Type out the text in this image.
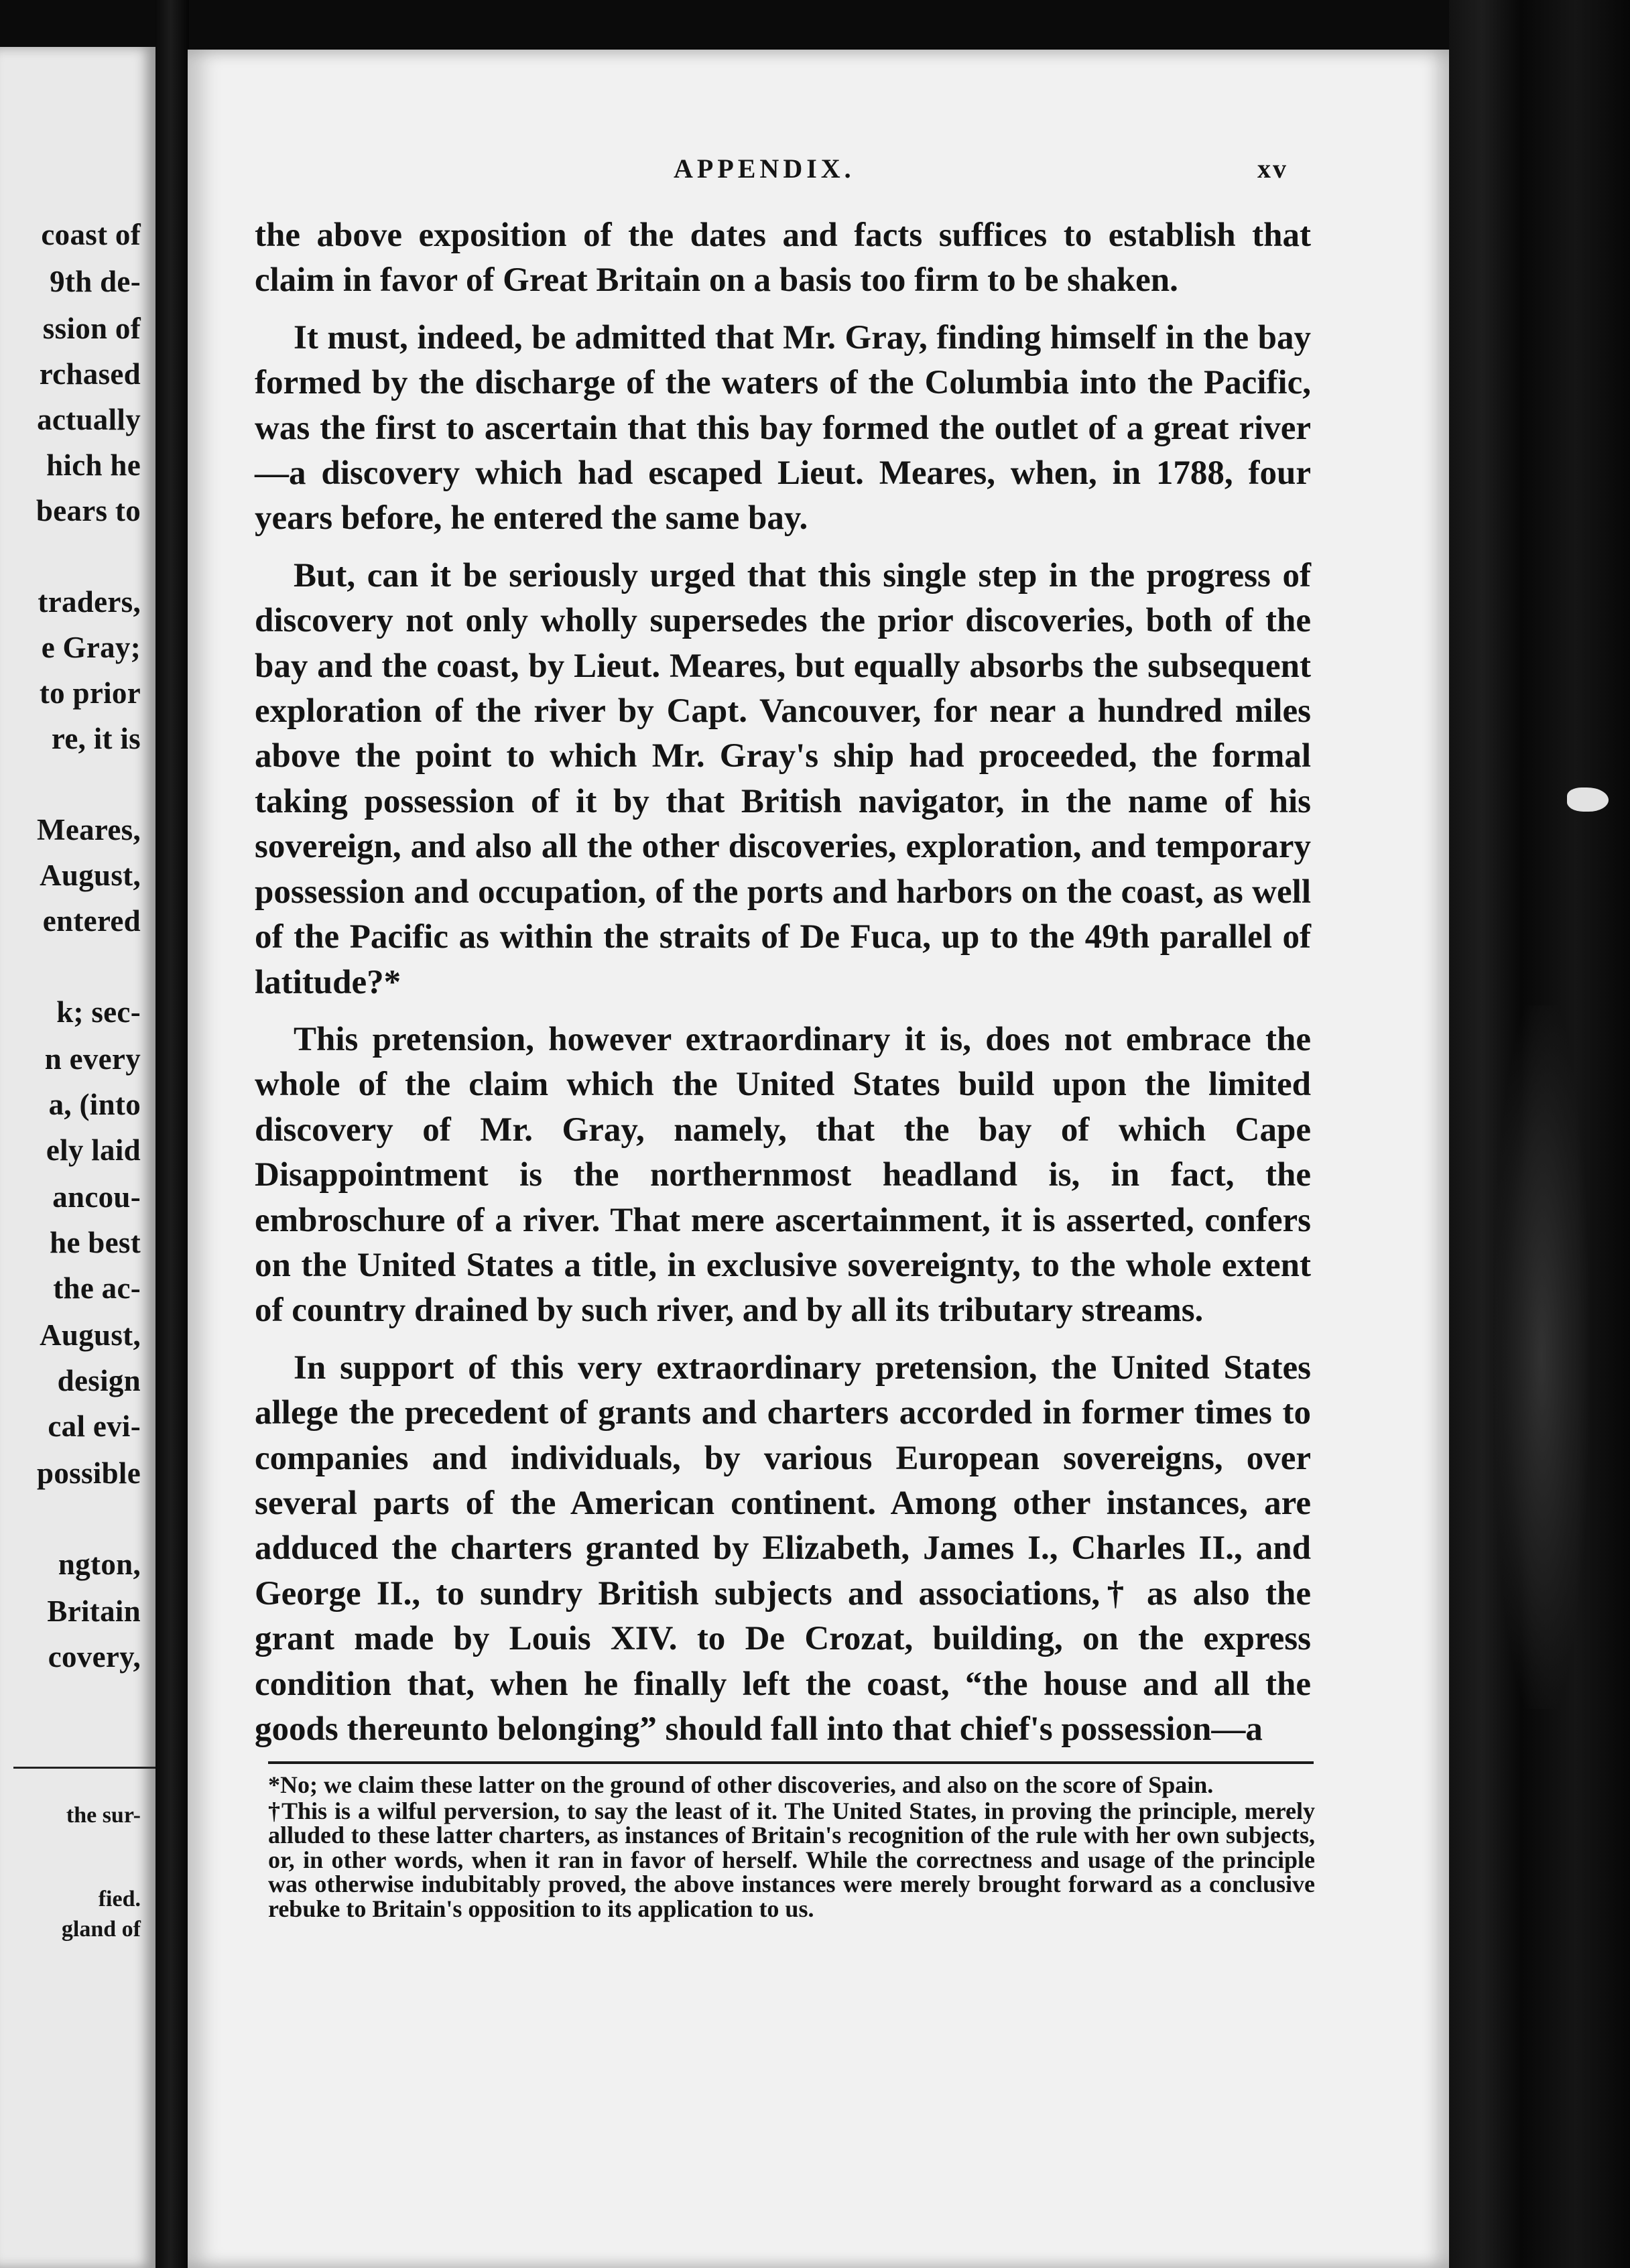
coast of
9th de-
ssion of
rchased
actually
hich he
bears to
traders,
e Gray;
to prior
re, it is
Meares,
August,
entered
k; sec-
n every
a, (into
ely laid
ancou-
he best
the ac-
August,
design
cal evi-
possible
ngton,
Britain
covery,
the sur-
fied.
gland of
APPENDIX.	xv

the above exposition of the dates and facts suffices to establish that claim in favor of Great Britain on a basis too firm to be shaken.

It must, indeed, be admitted that Mr. Gray, finding himself in the bay formed by the discharge of the waters of the Columbia into the Pacific, was the first to ascertain that this bay formed the outlet of a great river—a discovery which had escaped Lieut. Meares, when, in 1788, four years before, he entered the same bay.

But, can it be seriously urged that this single step in the progress of discovery not only wholly supersedes the prior discoveries, both of the bay and the coast, by Lieut. Meares, but equally absorbs the subsequent exploration of the river by Capt. Vancouver, for near a hundred miles above the point to which Mr. Gray's ship had proceeded, the formal taking possession of it by that British navigator, in the name of his sovereign, and also all the other discoveries, exploration, and temporary possession and occupation, of the ports and harbors on the coast, as well of the Pacific as within the straits of De Fuca, up to the 49th parallel of latitude?*

This pretension, however extraordinary it is, does not embrace the whole of the claim which the United States build upon the limited discovery of Mr. Gray, namely, that the bay of which Cape Disappointment is the northernmost headland is, in fact, the embroschure of a river. That mere ascertainment, it is asserted, confers on the United States a title, in exclusive sovereignty, to the whole extent of country drained by such river, and by all its tributary streams.

In support of this very extraordinary pretension, the United States allege the precedent of grants and charters accorded in former times to companies and individuals, by various European sovereigns, over several parts of the American continent. Among other instances, are adduced the charters granted by Elizabeth, James I., Charles II., and George II., to sundry British subjects and associations,† as also the grant made by Louis XIV. to De Crozat, building, on the express condition that, when he finally left the coast, “the house and all the goods thereunto belonging” should fall into that chief's possession—a

*No; we claim these latter on the ground of other discoveries, and also on the score of Spain.

†This is a wilful perversion, to say the least of it. The United States, in proving the principle, merely alluded to these latter charters, as instances of Britain's recognition of the rule with her own subjects, or, in other words, when it ran in favor of herself. While the correctness and usage of the principle was otherwise indubitably proved, the above instances were merely brought forward as a conclusive rebuke to Britain's opposition to its application to us.
